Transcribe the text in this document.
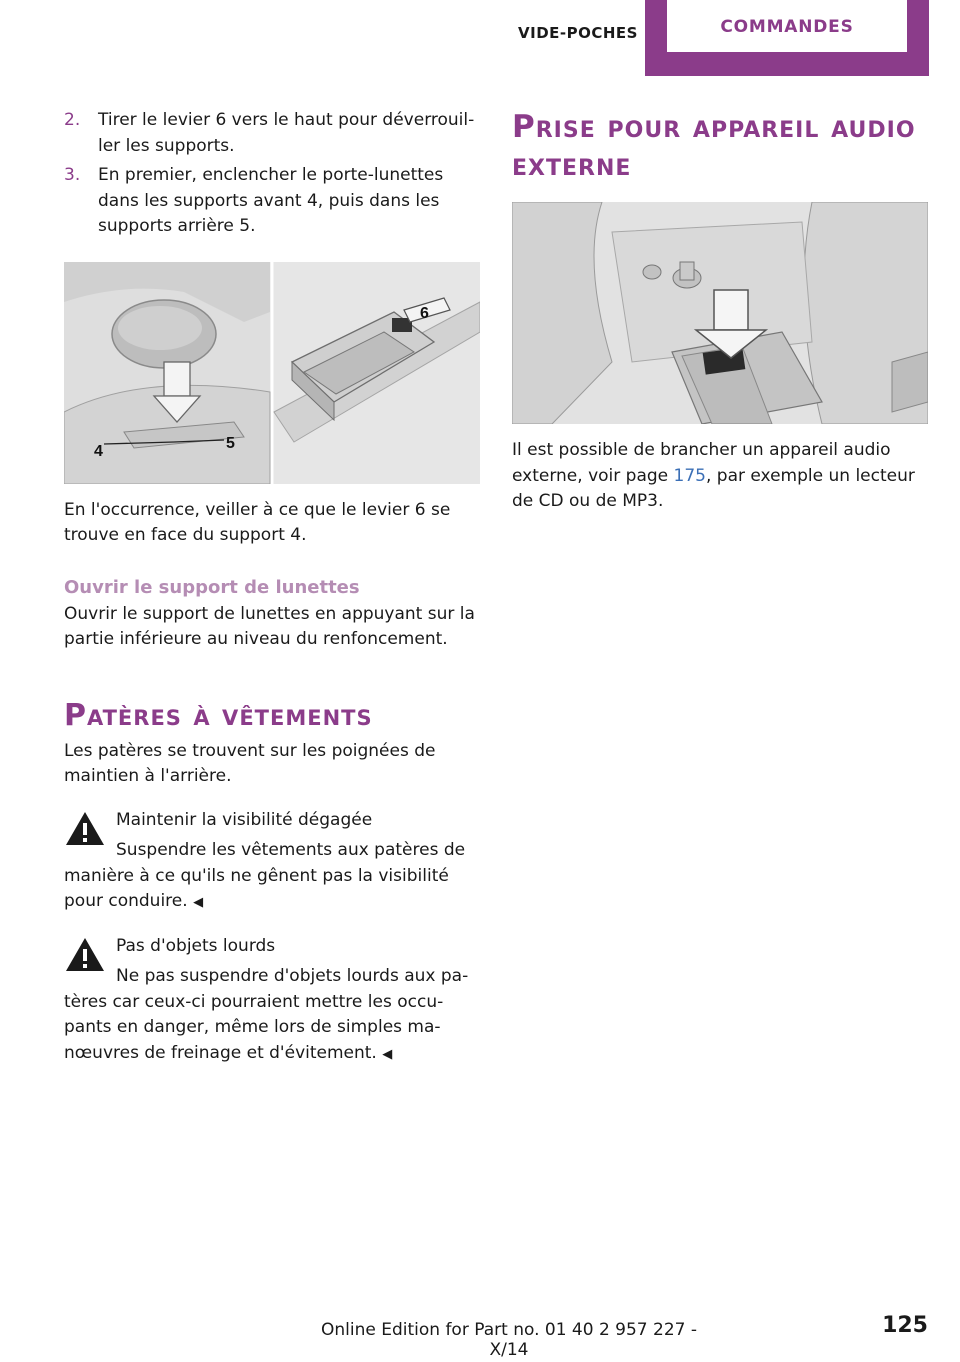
VIDE-POCHES	COMMANDES
2.	Tirer le levier 6 vers le haut pour déverrouiller les supports.
3.	En premier, enclencher le porte-lunettes dans les supports avant 4, puis dans les supports arrière 5.
4	5
6

En l'occurrence, veiller à ce que le levier 6 se trouve en face du support 4.

Ouvrir le support de lunettes

Ouvrir le support de lunettes en appuyant sur la partie inférieure au niveau du renfoncement.

Patères à vêtements

Les patères se trouvent sur les poignées de maintien à l'arrière.

Maintenir la visibilité dégagée

Suspendre les vêtements aux patères de manière à ce qu'ils ne gênent pas la visibilité pour conduire. ◀

Pas d'objets lourds

Ne pas suspendre d'objets lourds aux patères car ceux-ci pourraient mettre les occupants en danger, même lors de simples manœuvres de freinage et d'évitement. ◀

Prise pour appareil audio externe

Il est possible de brancher un appareil audio externe, voir page 175, par exemple un lecteur de CD ou de MP3.

Online Edition for Part no. 01 40 2 957 227 - X/14
125
